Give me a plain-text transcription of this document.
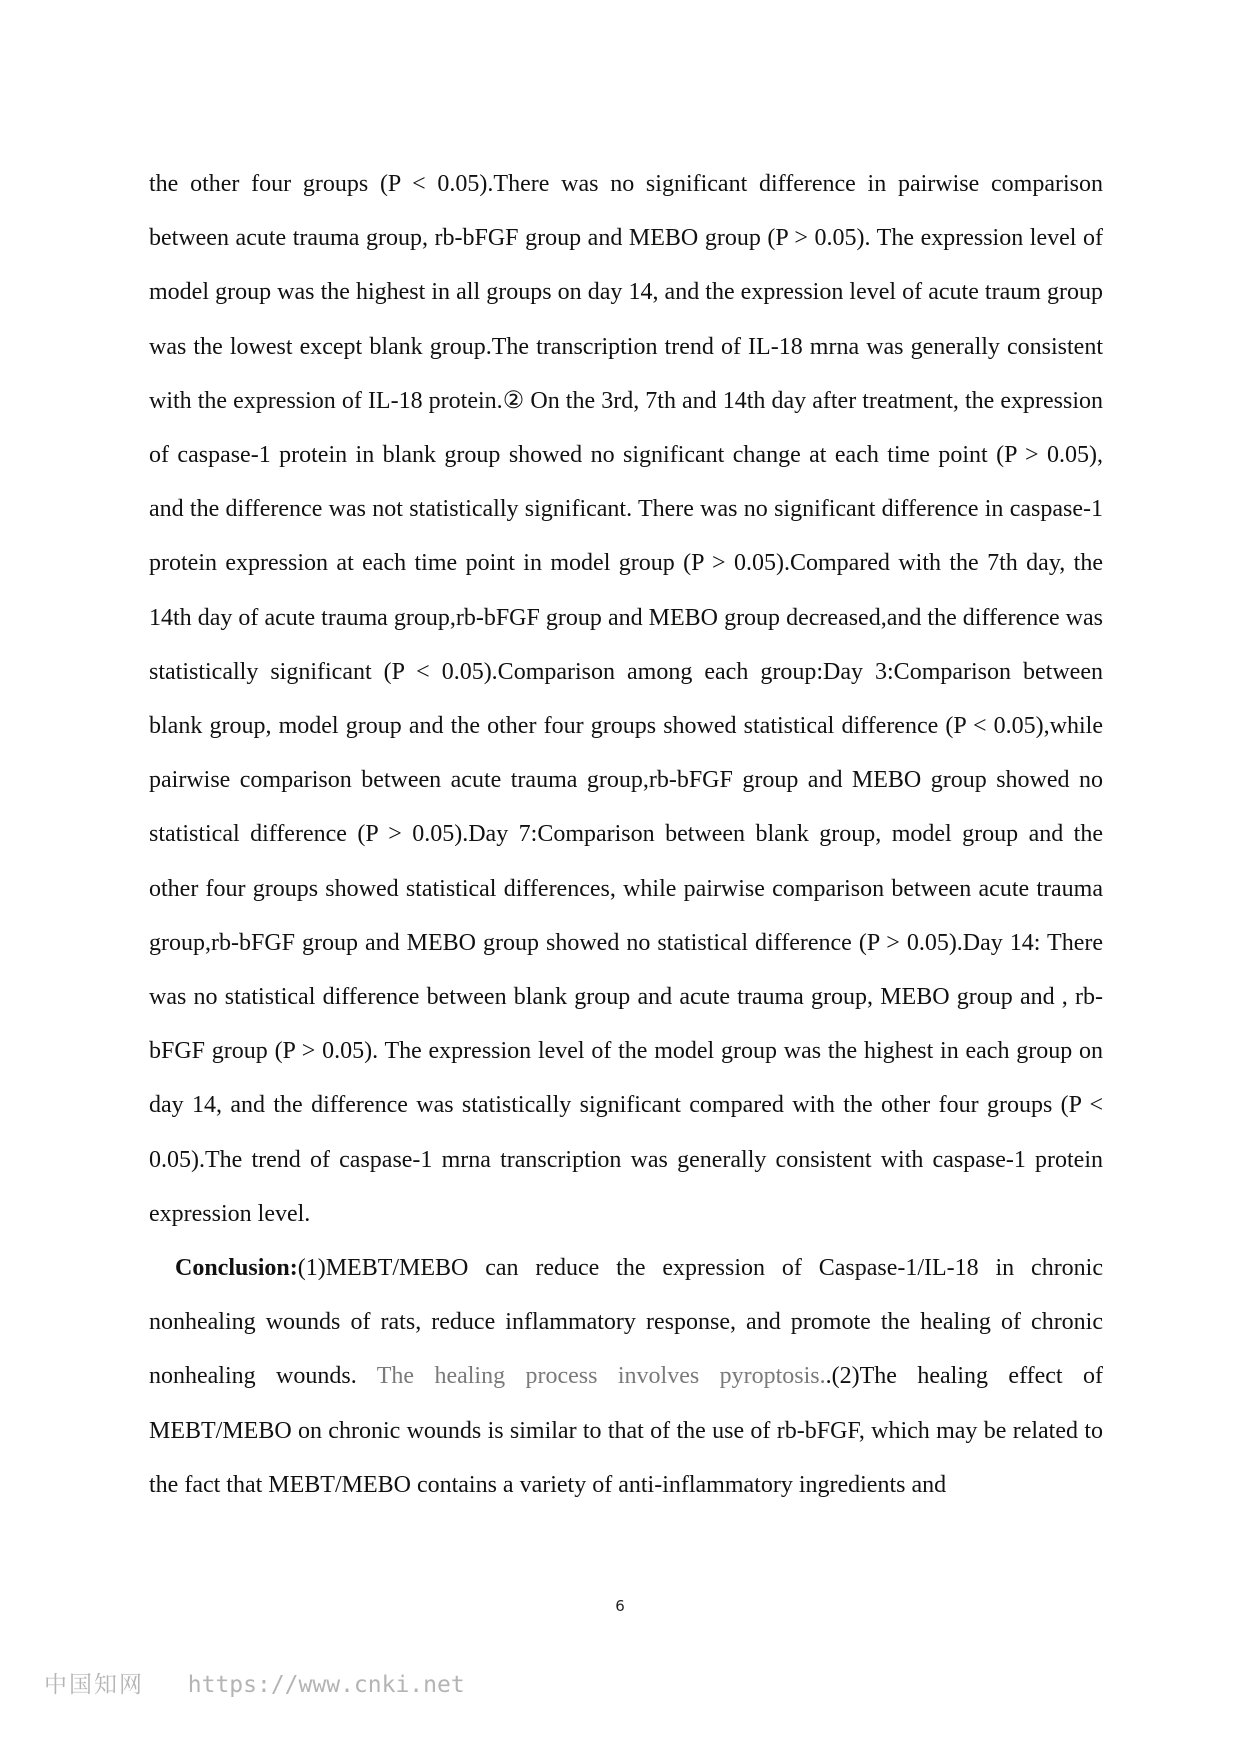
the other four groups (P < 0.05).There was no significant difference in pairwise comparison between acute trauma group, rb-bFGF group and MEBO group (P > 0.05). The expression level of model group was the highest in all groups on day 14, and the expression level of acute traum group was the lowest except blank group.The transcription trend of IL-18 mrna was generally consistent with the expression of IL-18 protein.② On the 3rd, 7th and 14th day after treatment, the expression of caspase-1 protein in blank group showed no significant change at each time point (P > 0.05), and the difference was not statistically significant. There was no significant difference in caspase-1 protein expression at each time point in model group (P > 0.05).Compared with the 7th day, the 14th day of acute trauma group,rb-bFGF group and MEBO group decreased,and the difference was statistically significant (P < 0.05).Comparison among each group:Day 3:Comparison between blank group, model group and the other four groups showed statistical difference (P < 0.05),while pairwise comparison between acute trauma group,rb-bFGF group and MEBO group showed no statistical difference (P > 0.05).Day 7:Comparison between blank group, model group and the other four groups showed statistical differences, while pairwise comparison between acute trauma group,rb-bFGF group and MEBO group showed no statistical difference (P > 0.05).Day 14: There was no statistical difference between blank group and acute trauma group, MEBO group and , rb-bFGF group (P > 0.05). The expression level of the model group was the highest in each group on day 14, and the difference was statistically significant compared with the other four groups (P < 0.05).The trend of caspase-1 mrna transcription was generally consistent with caspase-1 protein expression level.

Conclusion:(1)MEBT/MEBO can reduce the expression of Caspase-1/IL-18 in chronic nonhealing wounds of rats, reduce inflammatory response, and promote the healing of chronic nonhealing wounds. The healing process involves pyroptosis..(2)The healing effect of MEBT/MEBO on chronic wounds is similar to that of the use of rb-bFGF, which may be related to the fact that MEBT/MEBO contains a variety of anti-inflammatory ingredients and

6
中国知网 https://www.cnki.net
